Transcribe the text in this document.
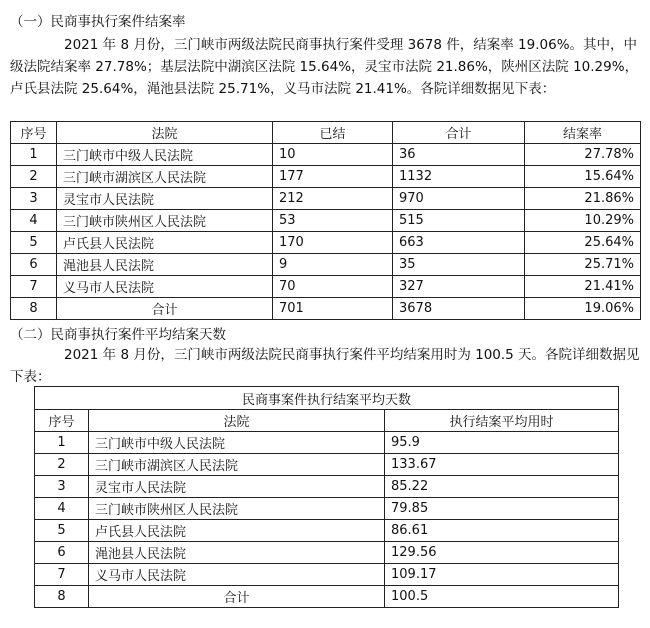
（一）民商事执行案件结案率
2021 年 8 月份，三门峡市两级法院民商事执行案件受理 3678 件，结案率 19.06%。其中，中级法院结案率 27.78%；基层法院中湖滨区法院 15.64%，灵宝市法院 21.86%，陕州区法院 10.29%，卢氏县法院 25.64%，渑池县法院 25.71%，义马市法院 21.41%。各院详细数据见下表：
序号	法院	已结	合计	结案率
1	三门峡市中级人民法院	10	36	27.78%
2	三门峡市湖滨区人民法院	177	1132	15.64%
3	灵宝市人民法院	212	970	21.86%
4	三门峡市陕州区人民法院	53	515	10.29%
5	卢氏县人民法院	170	663	25.64%
6	渑池县人民法院	9	35	25.71%
7	义马市人民法院	70	327	21.41%
8	合计	701	3678	19.06%
（二）民商事执行案件平均结案天数
2021 年 8 月份，三门峡市两级法院民商事执行案件平均结案用时为 100.5 天。各院详细数据见下表：
民商事案件执行结案平均天数		
序号	法院	执行结案平均用时
1	三门峡市中级人民法院	95.9
2	三门峡市湖滨区人民法院	133.67
3	灵宝市人民法院	85.22
4	三门峡市陕州区人民法院	79.85
5	卢氏县人民法院	86.61
6	渑池县人民法院	129.56
7	义马市人民法院	109.17
8	合计	100.5
